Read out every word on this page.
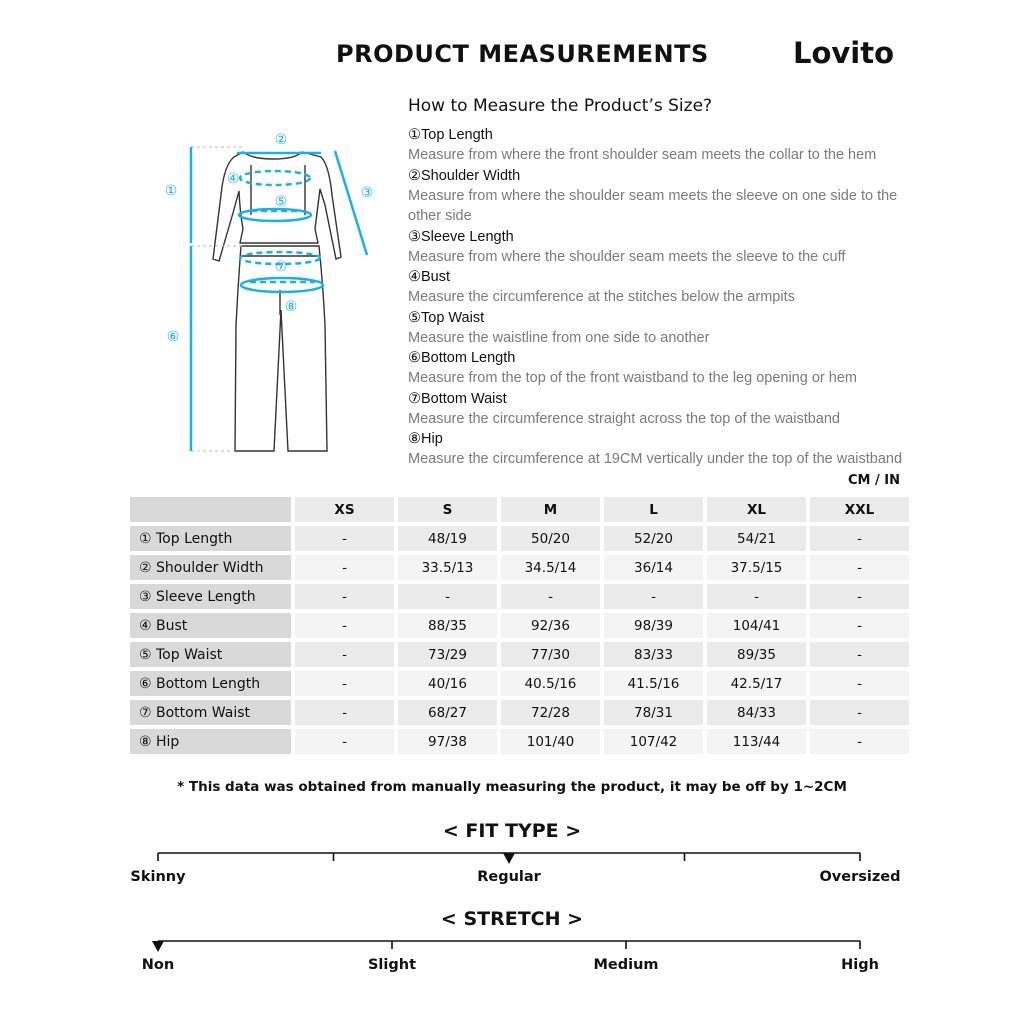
PRODUCT MEASUREMENTS	Lovito
①
②
③
④
⑤
⑥
⑦
⑧
How to Measure the Product’s Size?
①Top Length
Measure from where the front shoulder seam meets the collar to the hem
②Shoulder Width
Measure from where the shoulder seam meets the sleeve on one side to the other side
③Sleeve Length
Measure from where the shoulder seam meets the sleeve to the cuff
④Bust
Measure the circumference at the stitches below the armpits
⑤Top Waist
Measure the waistline from one side to another
⑥Bottom Length
Measure from the top of the front waistband to the leg opening or hem
⑦Bottom Waist
Measure the circumference straight across the top of the waistband
⑧Hip
Measure the circumference at 19CM vertically under the top of the waistband
CM / IN
	XS	S	M	L	XL	XXL
① Top Length	-	48/19	50/20	52/20	54/21	-
② Shoulder Width	-	33.5/13	34.5/14	36/14	37.5/15	-
③ Sleeve Length	-	-	-	-	-	-
④ Bust	-	88/35	92/36	98/39	104/41	-
⑤ Top Waist	-	73/29	77/30	83/33	89/35	-
⑥ Bottom Length	-	40/16	40.5/16	41.5/16	42.5/17	-
⑦ Bottom Waist	-	68/27	72/28	78/31	84/33	-
⑧ Hip	-	97/38	101/40	107/42	113/44	-
* This data was obtained from manually measuring the product, it may be off by 1~2CM
< FIT TYPE >
< STRETCH >
Skinny	Regular	Oversized
Non	Slight	Medium	High
